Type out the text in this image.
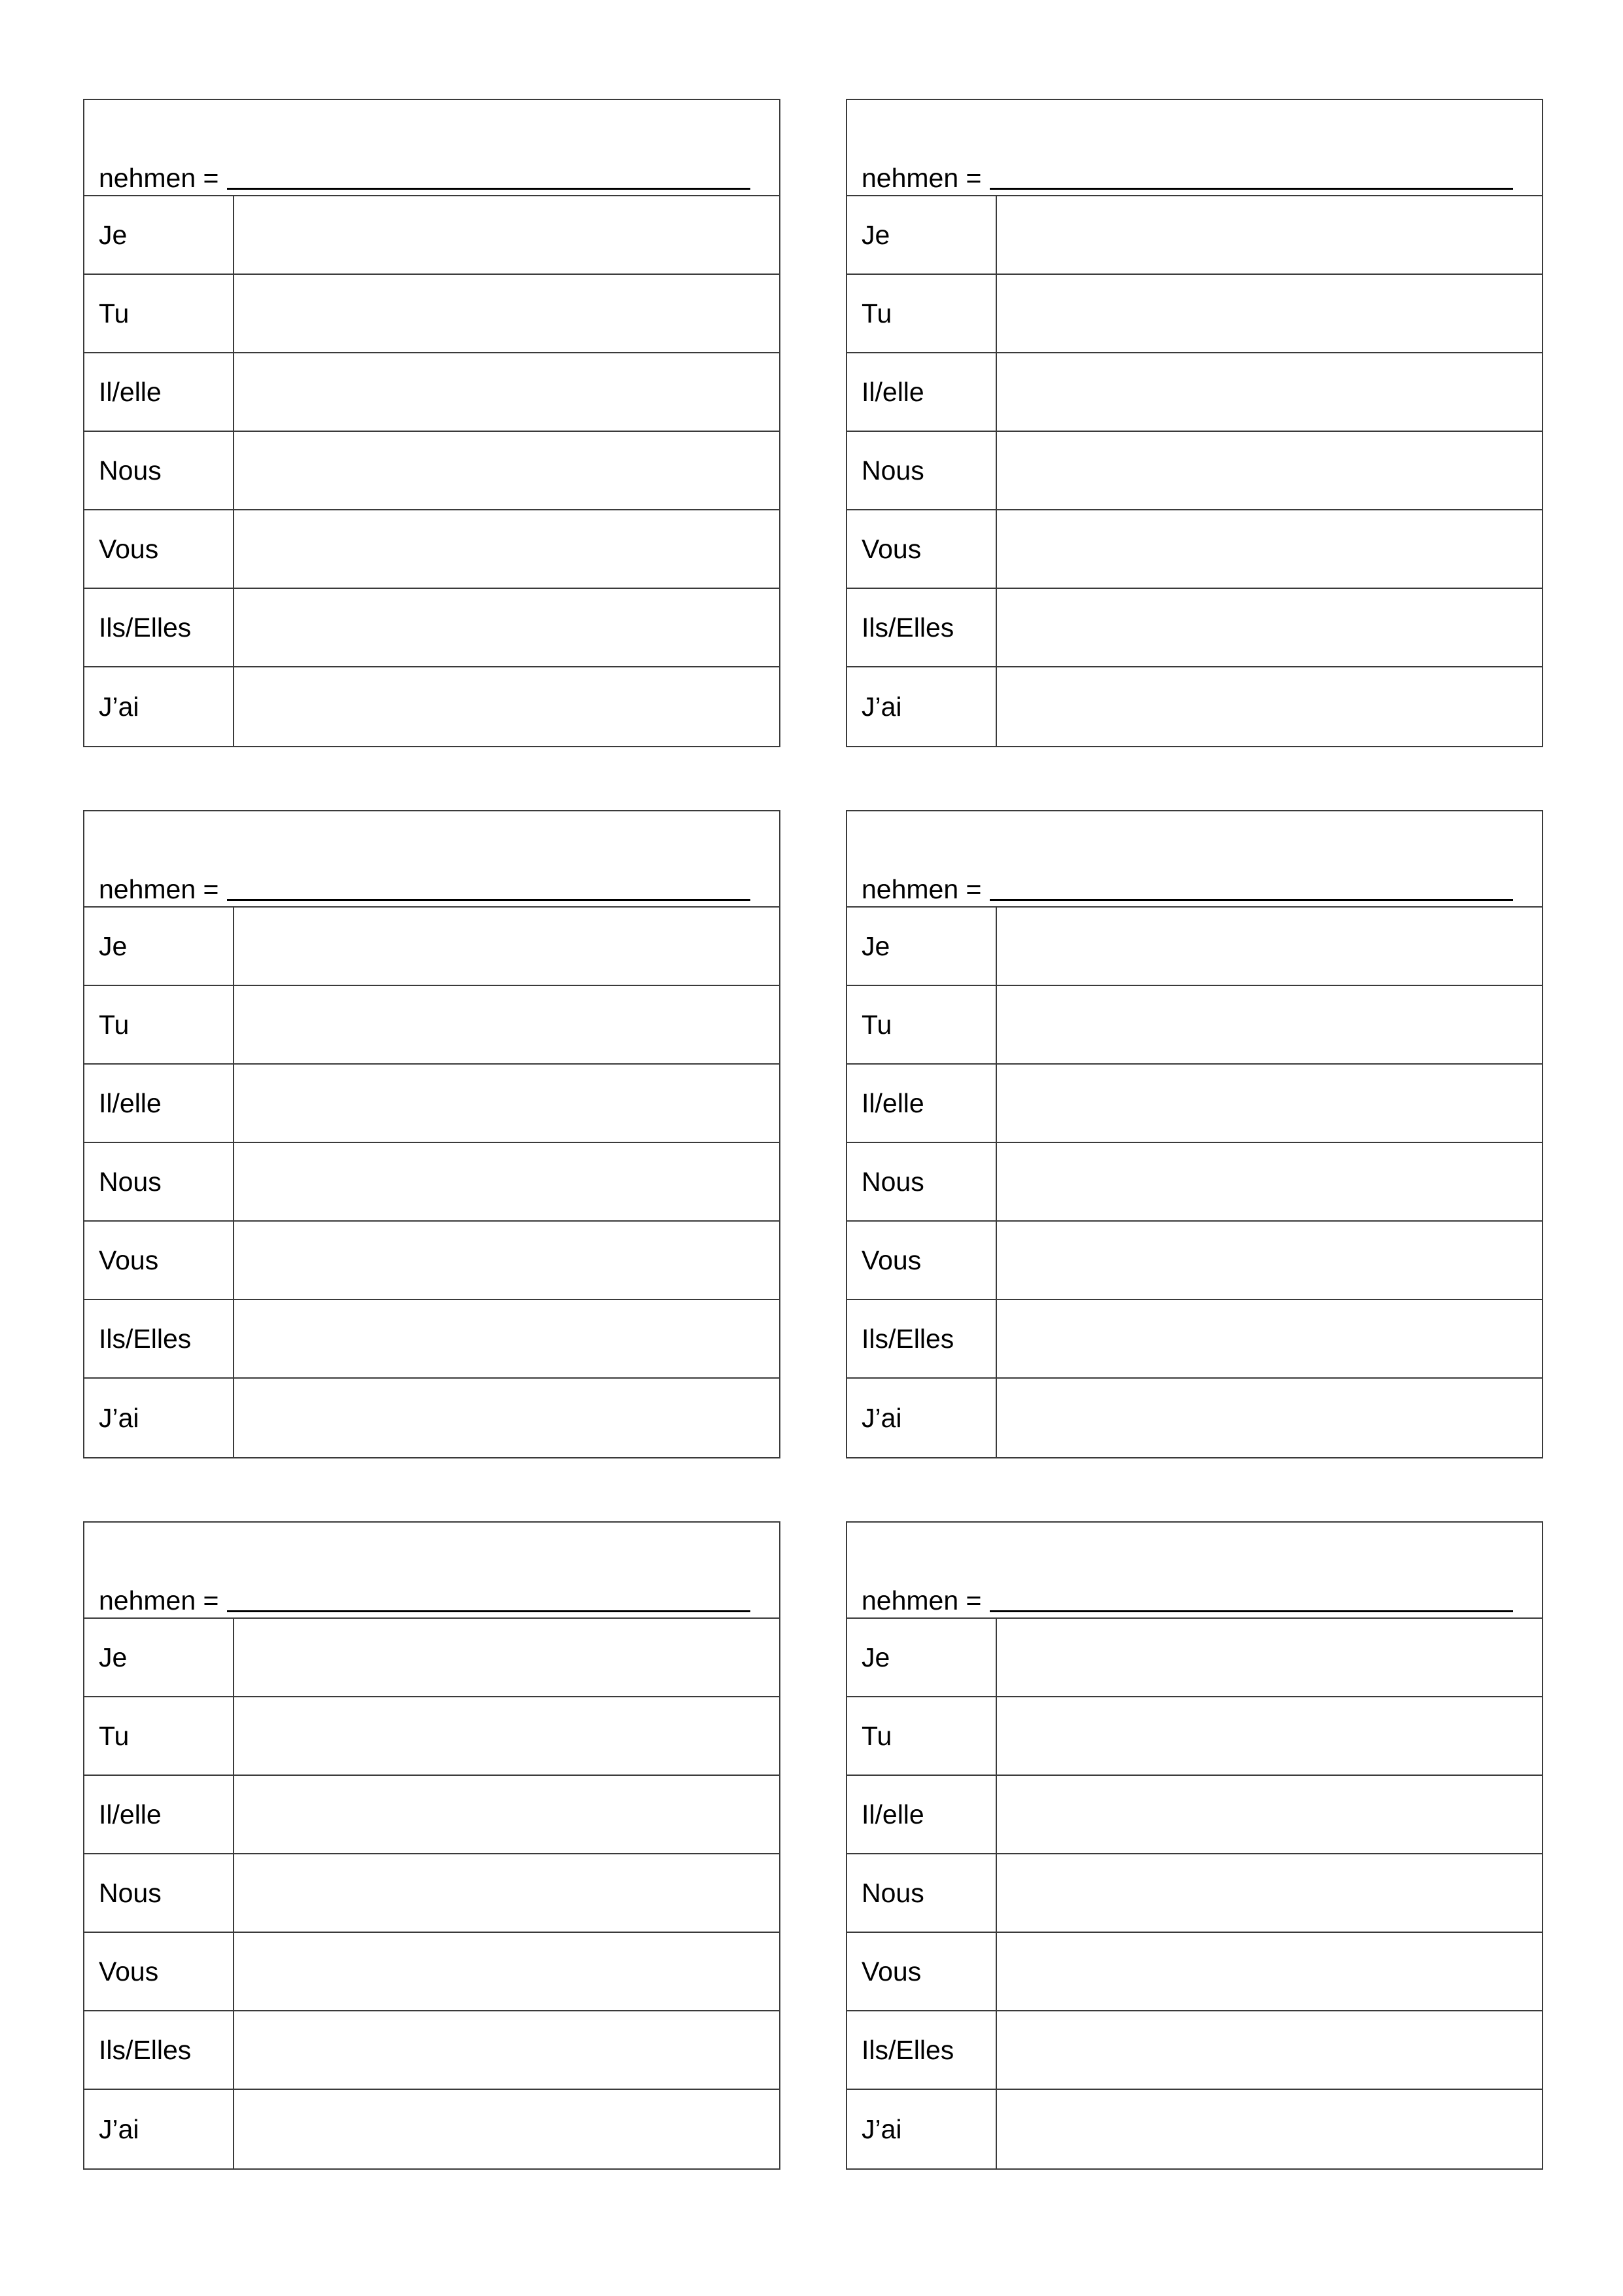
nehmen =
Je
Tu
Il/elle
Nous
Vous
Ils/Elles
J’ai
nehmen =
Je
Tu
Il/elle
Nous
Vous
Ils/Elles
J’ai
nehmen =
Je
Tu
Il/elle
Nous
Vous
Ils/Elles
J’ai
nehmen =
Je
Tu
Il/elle
Nous
Vous
Ils/Elles
J’ai
nehmen =
Je
Tu
Il/elle
Nous
Vous
Ils/Elles
J’ai
nehmen =
Je
Tu
Il/elle
Nous
Vous
Ils/Elles
J’ai
